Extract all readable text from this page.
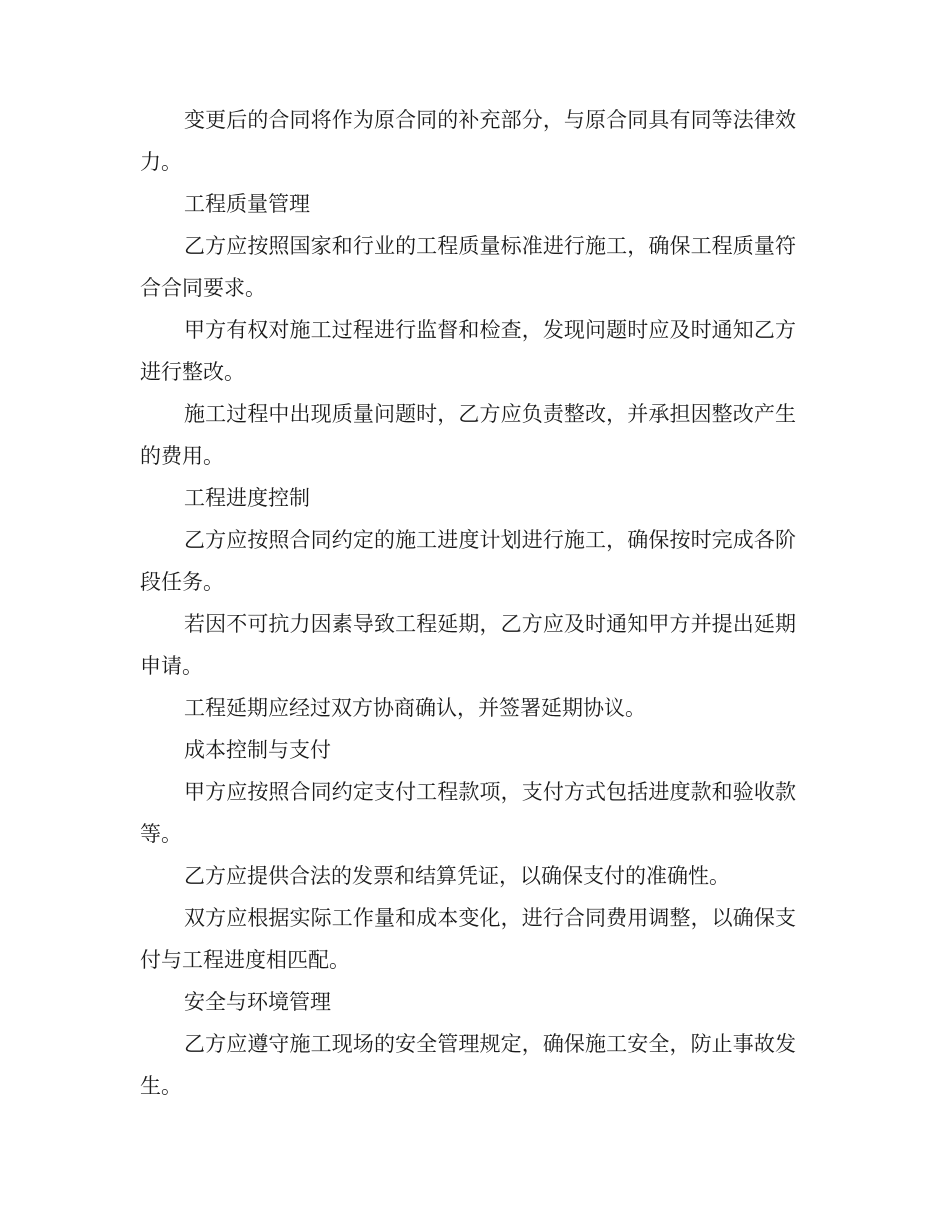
变更后的合同将作为原合同的补充部分，与原合同具有同等法律效力。

工程质量管理

乙方应按照国家和行业的工程质量标准进行施工，确保工程质量符合合同要求。

甲方有权对施工过程进行监督和检查，发现问题时应及时通知乙方进行整改。

施工过程中出现质量问题时，乙方应负责整改，并承担因整改产生的费用。

工程进度控制

乙方应按照合同约定的施工进度计划进行施工，确保按时完成各阶段任务。

若因不可抗力因素导致工程延期，乙方应及时通知甲方并提出延期申请。

工程延期应经过双方协商确认，并签署延期协议。

成本控制与支付

甲方应按照合同约定支付工程款项，支付方式包括进度款和验收款等。

乙方应提供合法的发票和结算凭证，以确保支付的准确性。

双方应根据实际工作量和成本变化，进行合同费用调整，以确保支付与工程进度相匹配。

安全与环境管理

乙方应遵守施工现场的安全管理规定，确保施工安全，防止事故发生。
